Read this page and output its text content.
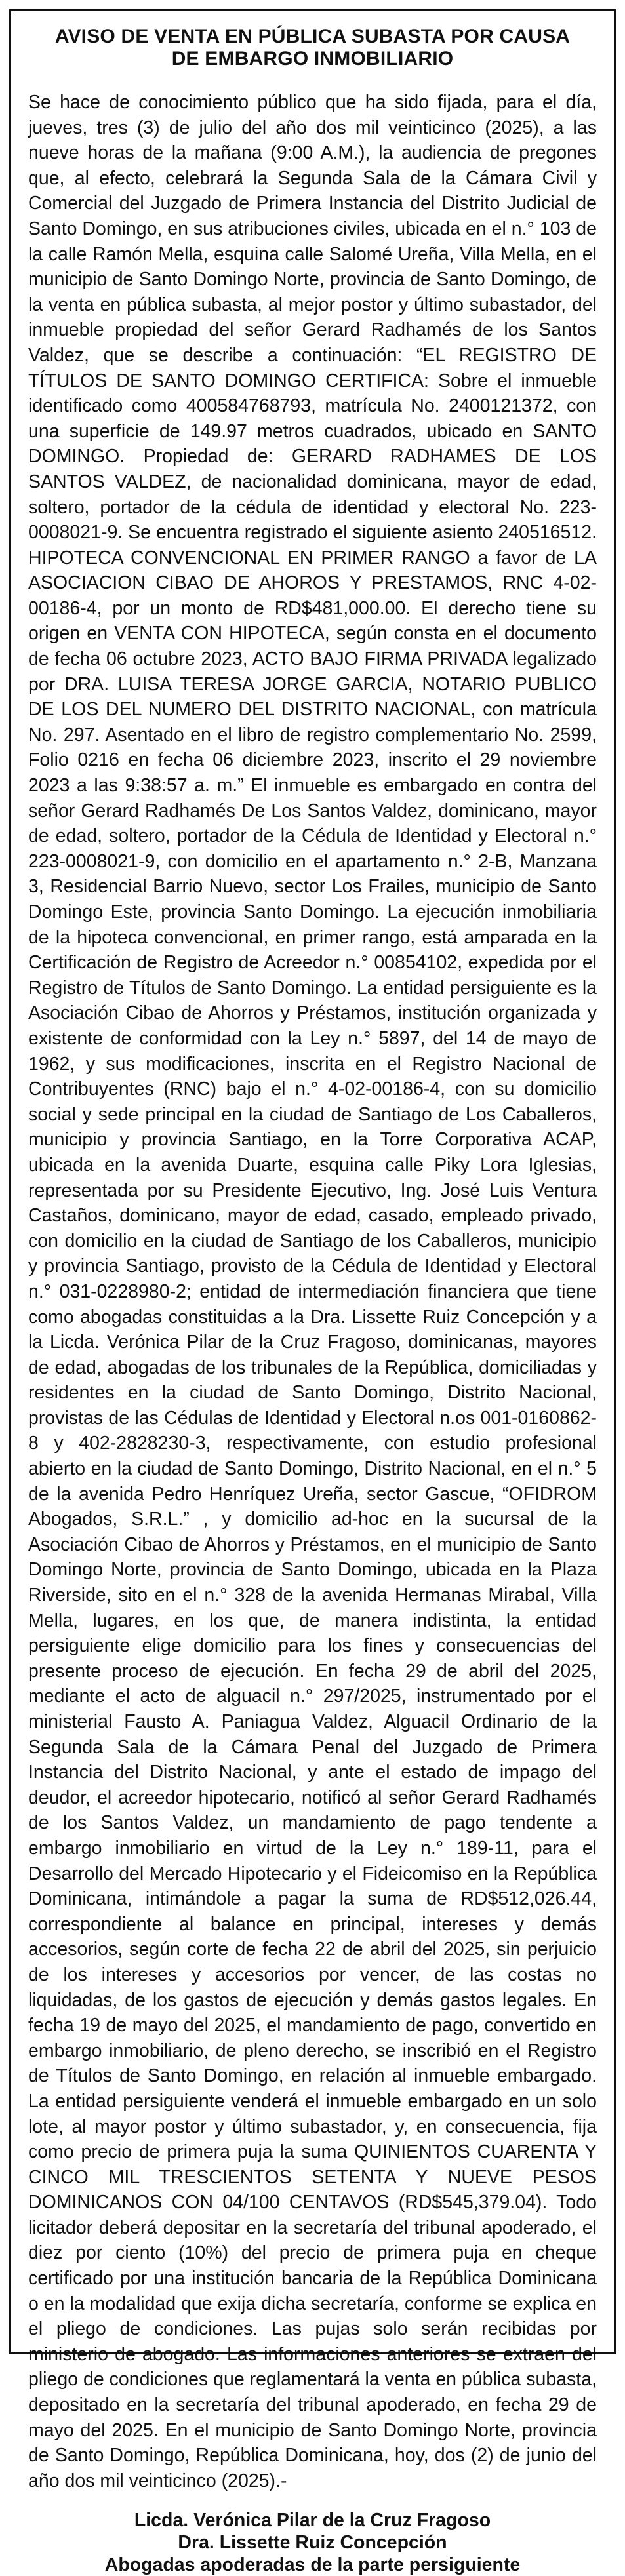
AVISO DE VENTA EN PÚBLICA SUBASTA POR CAUSA
DE EMBARGO INMOBILIARIO

Se hace de conocimiento público que ha sido fijada, para el día, jueves, tres (3) de julio del año dos mil veinticinco (2025), a las nueve horas de la mañana (9:00 A.M.), la audiencia de pregones que, al efecto, celebrará la Segunda Sala de la Cámara Civil y Comercial del Juzgado de Primera Instancia del Distrito Judicial de Santo Domingo, en sus atribuciones civiles, ubicada en el n.° 103 de la calle Ramón Mella, esquina calle Salomé Ureña, Villa Mella, en el municipio de Santo Domingo Norte, provincia de Santo Domingo, de la venta en pública subasta, al mejor postor y último subastador, del inmueble propiedad del señor Gerard Radhamés de los Santos Valdez, que se describe a continuación: “EL REGISTRO DE TÍTULOS DE SANTO DOMINGO CERTIFICA: Sobre el inmueble identificado como 400584768793, matrícula No. 2400121372, con una superficie de 149.97 metros cuadrados, ubicado en SANTO DOMINGO. Propiedad de: GERARD RADHAMES DE LOS SANTOS VALDEZ, de nacionalidad dominicana, mayor de edad, soltero, portador de la cédula de identidad y electoral No. 223-0008021-9. Se encuentra registrado el siguiente asiento 240516512. HIPOTECA CONVENCIONAL EN PRIMER RANGO a favor de LA ASOCIACION CIBAO DE AHOROS Y PRESTAMOS, RNC 4-02-00186-4, por un monto de RD$481,000.00. El derecho tiene su origen en VENTA CON HIPOTECA, según consta en el documento de fecha 06 octubre 2023, ACTO BAJO FIRMA PRIVADA legalizado por DRA. LUISA TERESA JORGE GARCIA, NOTARIO PUBLICO DE LOS DEL NUMERO DEL DISTRITO NACIONAL, con matrícula No. 297. Asentado en el libro de registro complementario No. 2599, Folio 0216 en fecha 06 diciembre 2023, inscrito el 29 noviembre 2023 a las 9:38:57 a. m.” El inmueble es embargado en contra del señor Gerard Radhamés De Los Santos Valdez, dominicano, mayor de edad, soltero, portador de la Cédula de Identidad y Electoral n.° 223-0008021-9, con domicilio en el apartamento n.° 2-B, Manzana 3, Residencial Barrio Nuevo, sector Los Frailes, municipio de Santo Domingo Este, provincia Santo Domingo. La ejecución inmobiliaria de la hipoteca convencional, en primer rango, está amparada en la Certificación de Registro de Acreedor n.° 00854102, expedida por el Registro de Títulos de Santo Domingo. La entidad persiguiente es la Asociación Cibao de Ahorros y Préstamos, institución organizada y existente de conformidad con la Ley n.° 5897, del 14 de mayo de 1962, y sus modificaciones, inscrita en el Registro Nacional de Contribuyentes (RNC) bajo el n.° 4-02-00186-4, con su domicilio social y sede principal en la ciudad de Santiago de Los Caballeros, municipio y provincia Santiago, en la Torre Corporativa ACAP, ubicada en la avenida Duarte, esquina calle Piky Lora Iglesias, representada por su Presidente Ejecutivo, Ing. José Luis Ventura Castaños, dominicano, mayor de edad, casado, empleado privado, con domicilio en la ciudad de Santiago de los Caballeros, municipio y provincia Santiago, provisto de la Cédula de Identidad y Electoral n.° 031-0228980-2; entidad de intermediación financiera que tiene como abogadas constituidas a la Dra. Lissette Ruiz Concepción y a la Licda. Verónica Pilar de la Cruz Fragoso, dominicanas, mayores de edad, abogadas de los tribunales de la República, domiciliadas y residentes en la ciudad de Santo Domingo, Distrito Nacional, provistas de las Cédulas de Identidad y Electoral n.os 001-0160862-8 y 402-2828230-3, respectivamente, con estudio profesional abierto en la ciudad de Santo Domingo, Distrito Nacional, en el n.° 5 de la avenida Pedro Henríquez Ureña, sector Gascue, “OFIDROM Abogados, S.R.L.” , y domicilio ad-hoc en la sucursal de la Asociación Cibao de Ahorros y Préstamos, en el municipio de Santo Domingo Norte, provincia de Santo Domingo, ubicada en la Plaza Riverside, sito en el n.° 328 de la avenida Hermanas Mirabal, Villa Mella, lugares, en los que, de manera indistinta, la entidad persiguiente elige domicilio para los fines y consecuencias del presente proceso de ejecución. En fecha 29 de abril del 2025, mediante el acto de alguacil n.° 297/2025, instrumentado por el ministerial Fausto A. Paniagua Valdez, Alguacil Ordinario de la Segunda Sala de la Cámara Penal del Juzgado de Primera Instancia del Distrito Nacional, y ante el estado de impago del deudor, el acreedor hipotecario, notificó al señor Gerard Radhamés de los Santos Valdez, un mandamiento de pago tendente a embargo inmobiliario en virtud de la Ley n.° 189-11, para el Desarrollo del Mercado Hipotecario y el Fideicomiso en la República Dominicana, intimándole a pagar la suma de RD$512,026.44, correspondiente al balance en principal, intereses y demás accesorios, según corte de fecha 22 de abril del 2025, sin perjuicio de los intereses y accesorios por vencer, de las costas no liquidadas, de los gastos de ejecución y demás gastos legales. En fecha 19 de mayo del 2025, el mandamiento de pago, convertido en embargo inmobiliario, de pleno derecho, se inscribió en el Registro de Títulos de Santo Domingo, en relación al inmueble embargado. La entidad persiguiente venderá el inmueble embargado en un solo lote, al mayor postor y último subastador, y, en consecuencia, fija como precio de primera puja la suma QUINIENTOS CUARENTA Y CINCO MIL TRESCIENTOS SETENTA Y NUEVE PESOS DOMINICANOS CON 04/100 CENTAVOS (RD$545,379.04). Todo licitador deberá depositar en la secretaría del tribunal apoderado, el diez por ciento (10%) del precio de primera puja en cheque certificado por una institución bancaria de la República Dominicana o en la modalidad que exija dicha secretaría, conforme se explica en el pliego de condiciones. Las pujas solo serán recibidas por ministerio de abogado. Las informaciones anteriores se extraen del pliego de condiciones que reglamentará la venta en pública subasta, depositado en la secretaría del tribunal apoderado, en fecha 29 de mayo del 2025. En el municipio de Santo Domingo Norte, provincia de Santo Domingo, República Dominicana, hoy, dos (2) de junio del año dos mil veinticinco (2025).-

Licda. Verónica Pilar de la Cruz Fragoso
Dra. Lissette Ruiz Concepción
Abogadas apoderadas de la parte persiguiente
